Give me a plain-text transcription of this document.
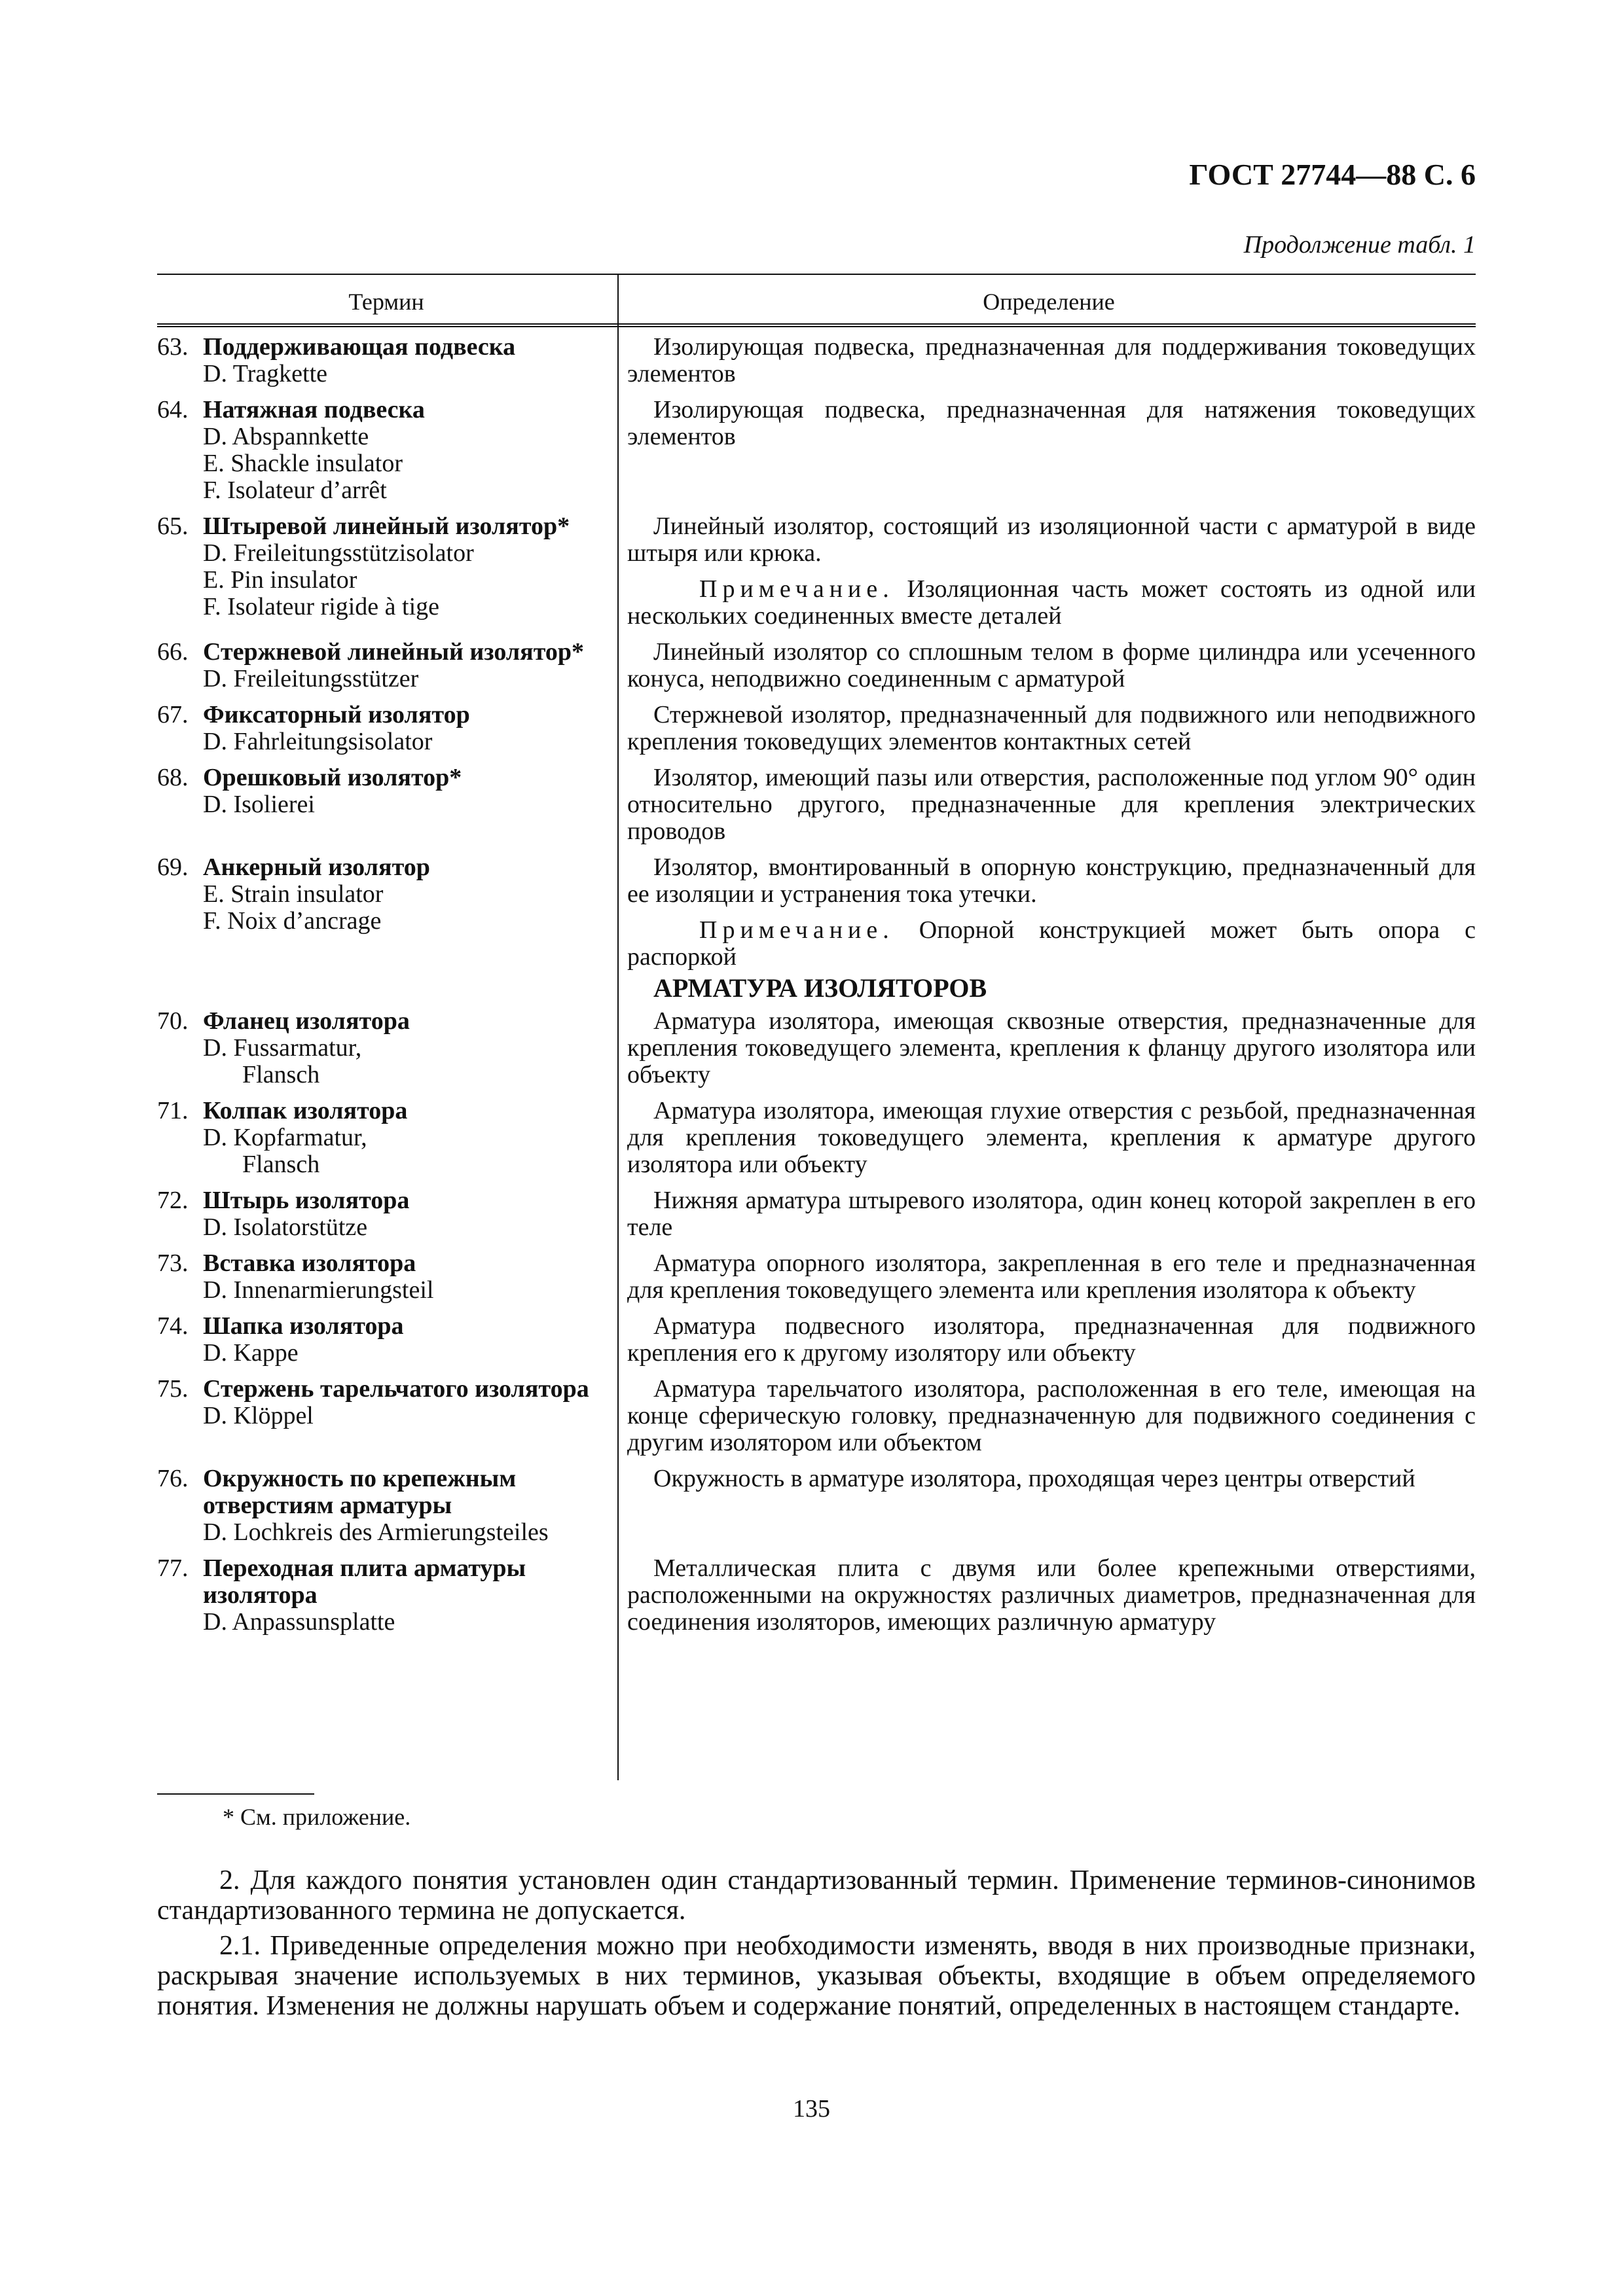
ГОСТ 27744—88 С. 6
Продолжение табл. 1
Термин	Определение
63. Поддерживающая подвеска
D. Tragkette
Изолирующая подвеска, предназначенная для поддерживания токоведущих элементов
64. Натяжная подвеска
D. Abspannkette
E. Shackle insulator
F. Isolateur d’arrêt
Изолирующая подвеска, предназначенная для натяжения токоведущих элементов
65. Штыревой линейный изолятор*
D. Freileitungsstützisolator
E. Pin insulator
F. Isolateur rigide à tige
Линейный изолятор, состоящий из изоляционной части с арматурой в виде штыря или крюка.
Примечание. Изоляционная часть может состоять из одной или нескольких соединенных вместе деталей
66. Стержневой линейный изолятор*
D. Freileitungsstützer
Линейный изолятор со сплошным телом в форме цилиндра или усеченного конуса, неподвижно соединенным с арматурой
67. Фиксаторный изолятор
D. Fahrleitungsisolator
Стержневой изолятор, предназначенный для подвижного или неподвижного крепления токоведущих элементов контактных сетей
68. Орешковый изолятор*
D. Isolierei
Изолятор, имеющий пазы или отверстия, расположенные под углом 90° один относительно другого, предназначенные для крепления электрических проводов
69. Анкерный изолятор
E. Strain insulator
F. Noix d’ancrage
Изолятор, вмонтированный в опорную конструкцию, предназначенный для ее изоляции и устранения тока утечки.
Примечание. Опорной конструкцией может быть опора с распоркой
АРМАТУРА ИЗОЛЯТОРОВ
70. Фланец изолятора
D. Fussarmatur,
Flansch
Арматура изолятора, имеющая сквозные отверстия, предназначенные для крепления токоведущего элемента, крепления к фланцу другого изолятора или объекту
71. Колпак изолятора
D. Kopfarmatur,
Flansch
Арматура изолятора, имеющая глухие отверстия с резьбой, предназначенная для крепления токоведущего элемента, крепления к арматуре другого изолятора или объекту
72. Штырь изолятора
D. Isolatorstütze
Нижняя арматура штыревого изолятора, один конец которой закреплен в его теле
73. Вставка изолятора
D. Innenarmierungsteil
Арматура опорного изолятора, закрепленная в его теле и предназначенная для крепления токоведущего элемента или крепления изолятора к объекту
74. Шапка изолятора
D. Kappe
Арматура подвесного изолятора, предназначенная для подвижного крепления его к другому изолятору или объекту
75. Стержень тарельчатого изолятора
D. Klöppel
Арматура тарельчатого изолятора, расположенная в его теле, имеющая на конце сферическую головку, предназначенную для подвижного соединения с другим изолятором или объектом
76. Окружность по крепежным отверстиям арматуры
D. Lochkreis des Armierungsteiles
Окружность в арматуре изолятора, проходящая через центры отверстий
77. Переходная плита арматуры изолятора
D. Anpassunsplatte
Металлическая плита с двумя или более крепежными отверстиями, расположенными на окружностях различных диаметров, предназначенная для соединения изоляторов, имеющих различную арматуру
* См. приложение.
2. Для каждого понятия установлен один стандартизованный термин. Применение терминов-синонимов стандартизованного термина не допускается.
2.1. Приведенные определения можно при необходимости изменять, вводя в них производные признаки, раскрывая значение используемых в них терминов, указывая объекты, входящие в объем определяемого понятия. Изменения не должны нарушать объем и содержание понятий, определенных в настоящем стандарте.
135
